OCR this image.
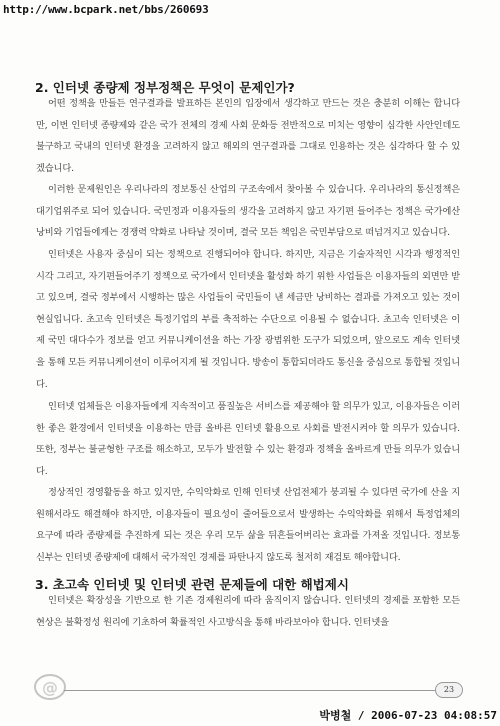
http://www.bcpark.net/bbs/260693
2. 인터넷 종량제 정부정책은 무엇이 문제인가?

어떤 정책을 만들든 연구결과를 발표하든 본인의 입장에서 생각하고 만드는 것은 충분히 이해는 합니다만, 이번 인터넷 종량제와 같은 국가 전체의 경제 사회 문화등 전반적으로 미치는 영향이 심각한 사안인데도 불구하고 국내의 인터넷 환경을 고려하지 않고 해외의 연구결과를 그대로 인용하는 것은 심각하다 할 수 있겠습니다.

이러한 문제원인은 우리나라의 정보통신 산업의 구조속에서 찾아볼 수 있습니다. 우리나라의 통신정책은 대기업위주로 되어 있습니다. 국민정과 이용자들의 생각을 고려하지 않고 자기편 들어주는 정책은 국가에산 낭비와 기업들에게는 경쟁력 약화로 나타날 것이며, 결국 모든 책임은 국민부담으로 떠넘겨지고 있습니다.

인터넷은 사용자 중심이 되는 정책으로 진행되어야 합니다. 하지만, 지금은 기술자적인 시각과 행정적인 시각 그리고, 자기편들어주기 정책으로 국가에서 인터넷을 활성화 하기 위한 사업들은 이용자들의 외면만 받고 있으며, 결국 정부에서 시행하는 많은 사업들이 국민들이 낸 세금만 낭비하는 결과를 가져오고 있는 것이 현실입니다. 초고속 인터넷은 특정기업의 부를 축적하는 수단으로 이용될 수 없습니다. 초고속 인터넷은 이제 국민 대다수가 정보를 얻고 커뮤니케이션을 하는 가장 광범위한 도구가 되었으며, 앞으로도 계속 인터넷을 통해 모든 커뮤니케이션이 이루어지게 될 것입니다. 방송이 통합되더라도 통신을 중심으로 통합될 것입니다.

인터넷 업체들은 이용자들에게 지속적이고 품질높은 서비스를 제공해야 할 의무가 있고, 이용자들은 이러한 좋은 환경에서 인터넷을 이용하는 만큼 올바른 인터넷 활용으로 사회를 발전시켜야 할 의무가 있습니다. 또한, 정부는 불균형한 구조를 해소하고, 모두가 발전할 수 있는 환경과 정책을 올바르게 만들 의무가 있습니다.

정상적인 경영활동을 하고 있지만, 수익악화로 인해 인터넷 산업전체가 붕괴될 수 있다면 국가에 산을 지원해서라도 해결해야 하지만, 이용자들이 필요성이 줄어들으로서 발생하는 수익악화를 위해서 특정업체의 요구에 따라 종량제를 추진하게 되는 것은 우리 모두 삶을 뒤흔들어버리는 효과를 가져올 것입니다. 정보통신부는 인터넷 종량제에 대해서 국가적인 경제를 파탄나지 않도록 철저히 재검토 해야합니다.

3. 초고속 인터넷 및 인터넷 관련 문제들에 대한 해법제시

인터넷은 확장성을 기반으로 한 기존 경제원리에 따라 움직이지 않습니다. 인터넷의 경제를 포함한 모든 현상은 불확정성 원리에 기초하여 확률적인 사고방식을 통해 바라보아야 합니다. 인터넷을

@	23
박병철 / 2006-07-23 04:08:57
